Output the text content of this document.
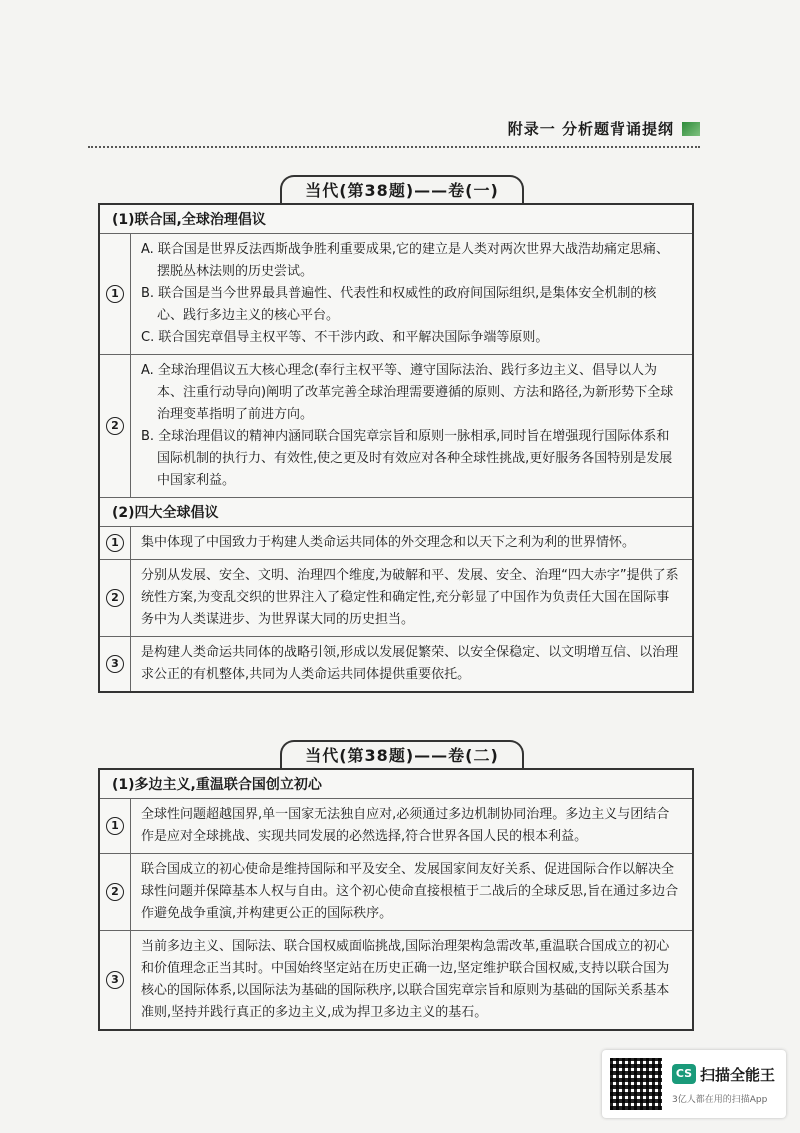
附录一 分析题背诵提纲
当代(第38题)——卷(一)
(1)联合国,全球治理倡议
1
A. 联合国是世界反法西斯战争胜利重要成果,它的建立是人类对两次世界大战浩劫痛定思痛、摆脱丛林法则的历史尝试。
B. 联合国是当今世界最具普遍性、代表性和权威性的政府间国际组织,是集体安全机制的核心、践行多边主义的核心平台。
C. 联合国宪章倡导主权平等、不干涉内政、和平解决国际争端等原则。
2
A. 全球治理倡议五大核心理念(奉行主权平等、遵守国际法治、践行多边主义、倡导以人为本、注重行动导向)阐明了改革完善全球治理需要遵循的原则、方法和路径,为新形势下全球治理变革指明了前进方向。
B. 全球治理倡议的精神内涵同联合国宪章宗旨和原则一脉相承,同时旨在增强现行国际体系和国际机制的执行力、有效性,使之更及时有效应对各种全球性挑战,更好服务各国特别是发展中国家利益。
(2)四大全球倡议
1	集中体现了中国致力于构建人类命运共同体的外交理念和以天下之利为利的世界情怀。
2
分别从发展、安全、文明、治理四个维度,为破解和平、发展、安全、治理“四大赤字”提供了系统性方案,为变乱交织的世界注入了稳定性和确定性,充分彰显了中国作为负责任大国在国际事务中为人类谋进步、为世界谋大同的历史担当。
3
是构建人类命运共同体的战略引领,形成以发展促繁荣、以安全保稳定、以文明增互信、以治理求公正的有机整体,共同为人类命运共同体提供重要依托。
当代(第38题)——卷(二)
(1)多边主义,重温联合国创立初心
1
全球性问题超越国界,单一国家无法独自应对,必须通过多边机制协同治理。多边主义与团结合作是应对全球挑战、实现共同发展的必然选择,符合世界各国人民的根本利益。
2
联合国成立的初心使命是维持国际和平及安全、发展国家间友好关系、促进国际合作以解决全球性问题并保障基本人权与自由。这个初心使命直接根植于二战后的全球反思,旨在通过多边合作避免战争重演,并构建更公正的国际秩序。
3
当前多边主义、国际法、联合国权威面临挑战,国际治理架构急需改革,重温联合国成立的初心和价值理念正当其时。中国始终坚定站在历史正确一边,坚定维护联合国权威,支持以联合国为核心的国际体系,以国际法为基础的国际秩序,以联合国宪章宗旨和原则为基础的国际关系基本准则,坚持并践行真正的多边主义,成为捍卫多边主义的基石。
CS 扫描全能王
3亿人都在用的扫描App
